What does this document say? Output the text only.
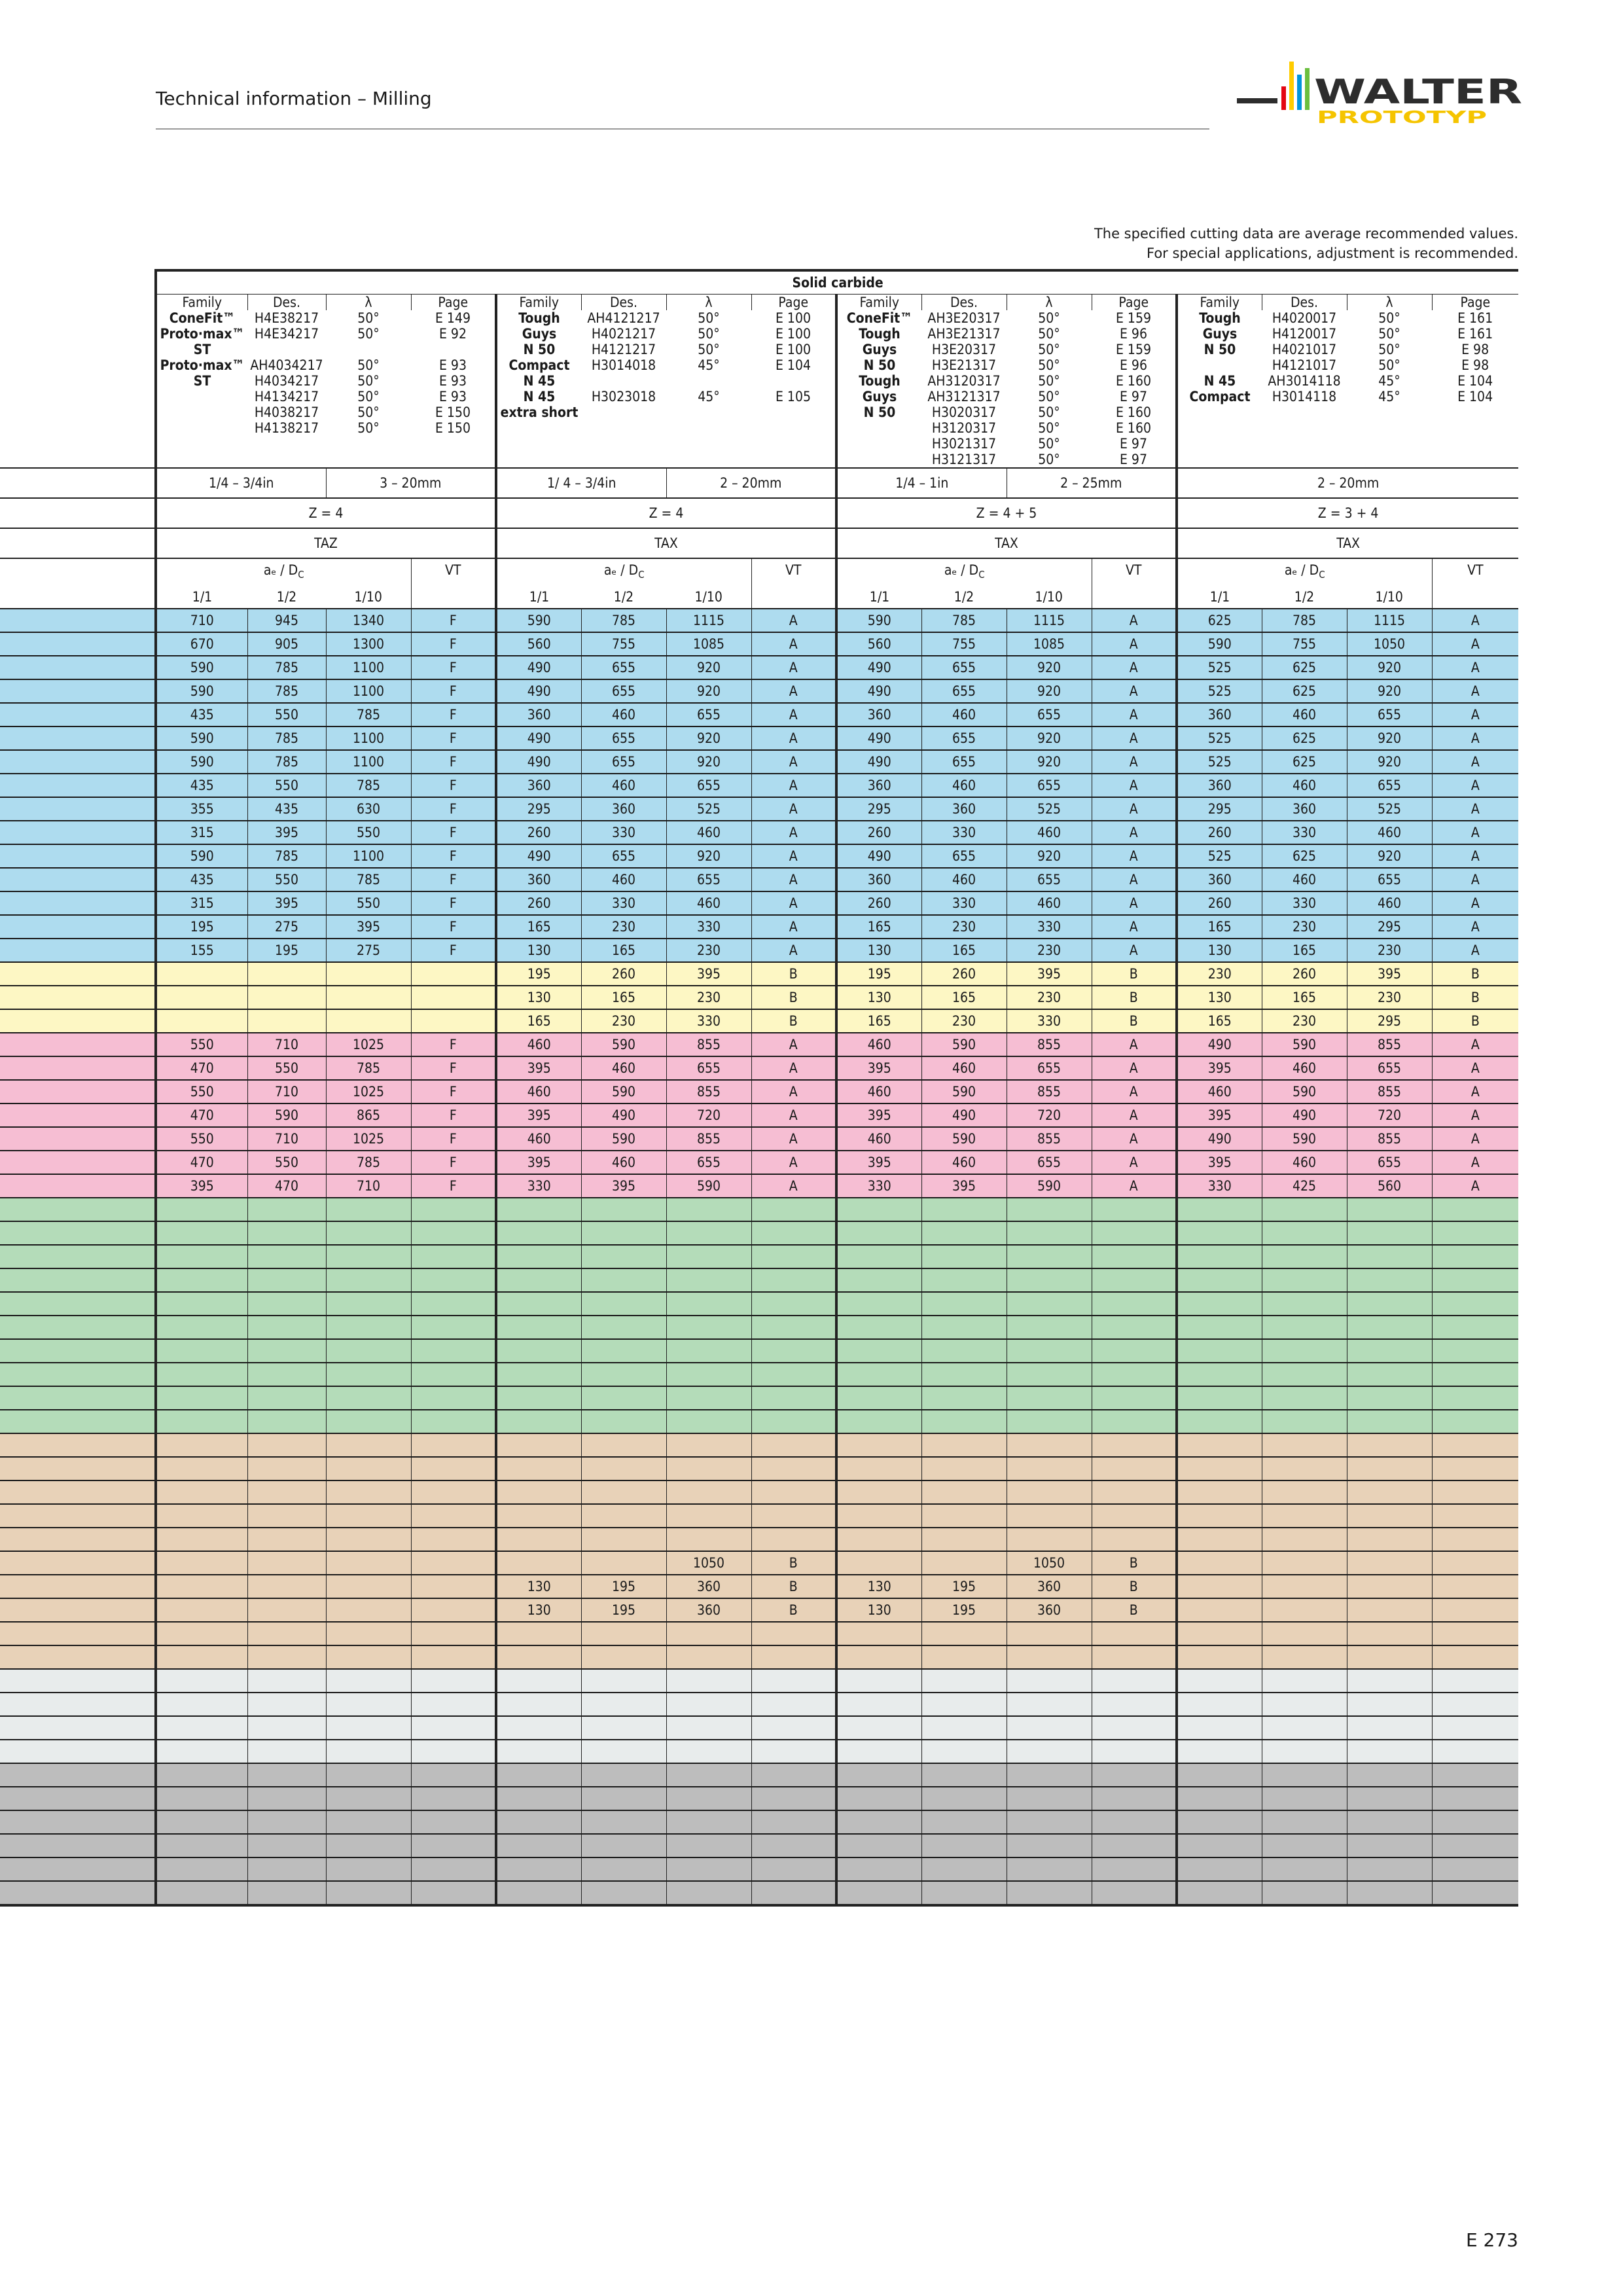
Technical information – Milling	WALTER
PROTOTYP
The specified cutting data are average recommended values.
For special applications, adjustment is recommended.
	Solid carbide															
	Family	Des.	λ	Page	Family	Des.	λ	Page	Family	Des.	λ	Page	Family	Des.	λ	Page
	ConeFit™	H4E38217	50°	E 149	Tough	AH4121217	50°	E 100	ConeFit™	AH3E20317	50°	E 159	Tough	H4020017	50°	E 161
	Proto·max™	H4E34217	50°	E 92	Guys	H4021217	50°	E 100	Tough	AH3E21317	50°	E 96	Guys	H4120017	50°	E 161
	ST				N 50	H4121217	50°	E 100	Guys	H3E20317	50°	E 159	N 50	H4021017	50°	E 98
	Proto·max™	AH4034217	50°	E 93	Compact	H3014018	45°	E 104	N 50	H3E21317	50°	E 96		H4121017	50°	E 98
	ST	H4034217	50°	E 93	N 45				Tough	AH3120317	50°	E 160	N 45	AH3014118	45°	E 104
		H4134217	50°	E 93	N 45	H3023018	45°	E 105	Guys	AH3121317	50°	E 97	Compact	H3014118	45°	E 104
		H4038217	50°	E 150	extra short				N 50	H3020317	50°	E 160				
		H4138217	50°	E 150						H3120317	50°	E 160				
										H3021317	50°	E 97				
										H3121317	50°	E 97				
	1/4 – 3/4in		3 – 20mm		1/ 4 – 3/4in		2 – 20mm		1/4 – 1in		2 – 25mm		2 – 20mm			
	Z = 4				Z = 4				Z = 4 + 5				Z = 3 + 4			
	TAZ				TAX				TAX				TAX			
	aₑ / $D_C$			VT	aₑ / $D_C$			VT	aₑ / $D_C$			VT	aₑ / $D_C$			VT
	1/1	1/2	1/10		1/1	1/2	1/10		1/1	1/2	1/10		1/1	1/2	1/10	
	710	945	1340	F	590	785	1115	A	590	785	1115	A	625	785	1115	A
	670	905	1300	F	560	755	1085	A	560	755	1085	A	590	755	1050	A
	590	785	1100	F	490	655	920	A	490	655	920	A	525	625	920	A
	590	785	1100	F	490	655	920	A	490	655	920	A	525	625	920	A
	435	550	785	F	360	460	655	A	360	460	655	A	360	460	655	A
	590	785	1100	F	490	655	920	A	490	655	920	A	525	625	920	A
	590	785	1100	F	490	655	920	A	490	655	920	A	525	625	920	A
	435	550	785	F	360	460	655	A	360	460	655	A	360	460	655	A
	355	435	630	F	295	360	525	A	295	360	525	A	295	360	525	A
	315	395	550	F	260	330	460	A	260	330	460	A	260	330	460	A
	590	785	1100	F	490	655	920	A	490	655	920	A	525	625	920	A
	435	550	785	F	360	460	655	A	360	460	655	A	360	460	655	A
	315	395	550	F	260	330	460	A	260	330	460	A	260	330	460	A
	195	275	395	F	165	230	330	A	165	230	330	A	165	230	295	A
	155	195	275	F	130	165	230	A	130	165	230	A	130	165	230	A
					195	260	395	B	195	260	395	B	230	260	395	B
					130	165	230	B	130	165	230	B	130	165	230	B
					165	230	330	B	165	230	330	B	165	230	295	B
	550	710	1025	F	460	590	855	A	460	590	855	A	490	590	855	A
	470	550	785	F	395	460	655	A	395	460	655	A	395	460	655	A
	550	710	1025	F	460	590	855	A	460	590	855	A	460	590	855	A
	470	590	865	F	395	490	720	A	395	490	720	A	395	490	720	A
	550	710	1025	F	460	590	855	A	460	590	855	A	490	590	855	A
	470	550	785	F	395	460	655	A	395	460	655	A	395	460	655	A
	395	470	710	F	330	395	590	A	330	395	590	A	330	425	560	A

							1050	B			1050	B				
					130	195	360	B	130	195	360	B				
					130	195	360	B	130	195	360	B				

E 273
